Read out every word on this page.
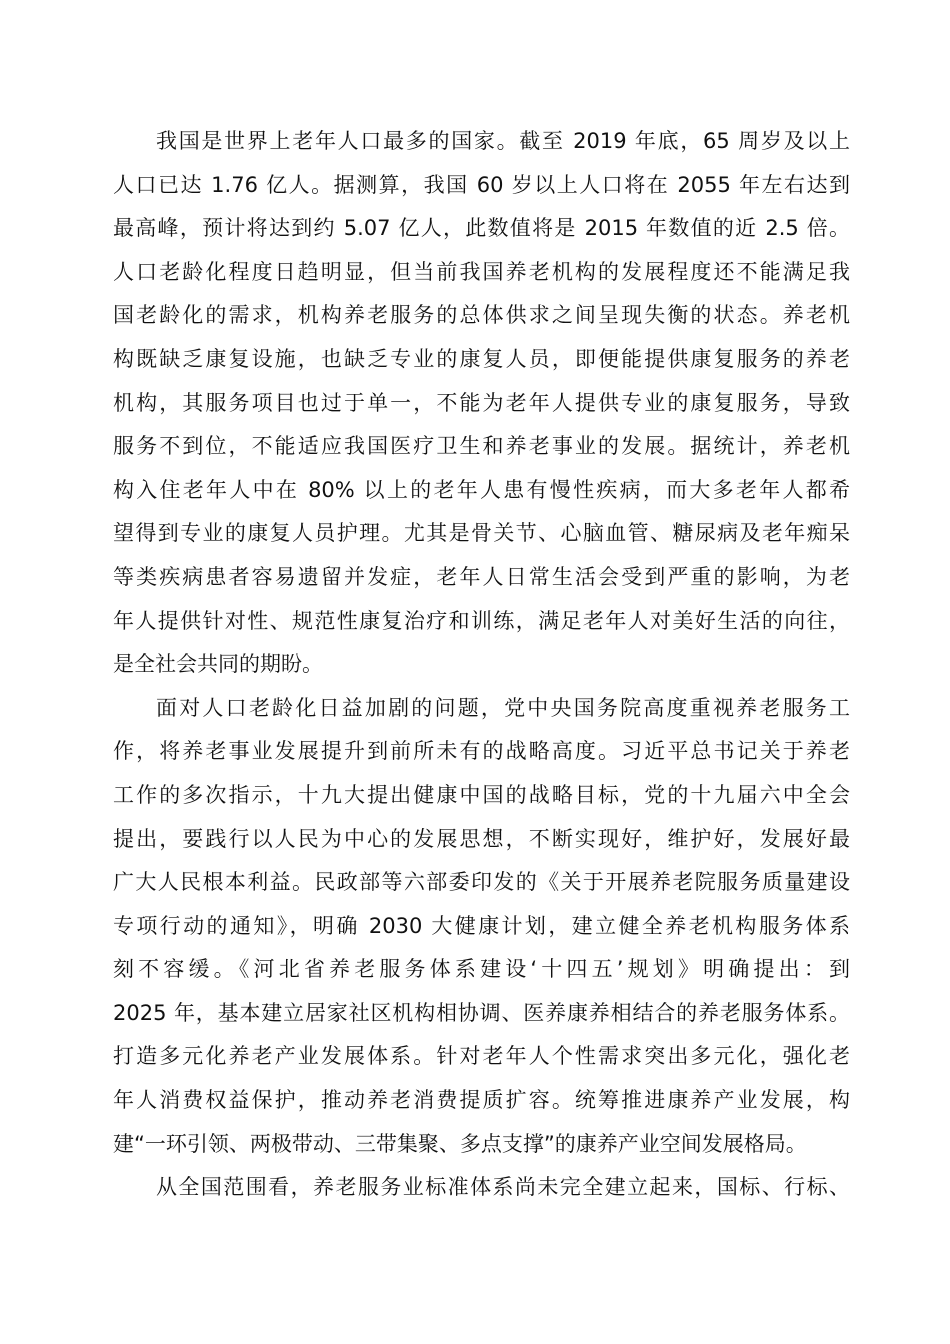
我国是世界上老年人口最多的国家。截至 2019 年底，65 周岁及以上
人口已达 1.76 亿人。据测算，我国 60 岁以上人口将在 2055 年左右达到
最高峰，预计将达到约 5.07 亿人，此数值将是 2015 年数值的近 2.5 倍。
人口老龄化程度日趋明显，但当前我国养老机构的发展程度还不能满足我
国老龄化的需求，机构养老服务的总体供求之间呈现失衡的状态。养老机
构既缺乏康复设施，也缺乏专业的康复人员，即便能提供康复服务的养老
机构，其服务项目也过于单一，不能为老年人提供专业的康复服务，导致
服务不到位，不能适应我国医疗卫生和养老事业的发展。据统计，养老机
构入住老年人中在 80% 以上的老年人患有慢性疾病，而大多老年人都希
望得到专业的康复人员护理。尤其是骨关节、心脑血管、糖尿病及老年痴呆
等类疾病患者容易遗留并发症，老年人日常生活会受到严重的影响，为老
年人提供针对性、规范性康复治疗和训练，满足老年人对美好生活的向往，
是全社会共同的期盼。
面对人口老龄化日益加剧的问题，党中央国务院高度重视养老服务工
作，将养老事业发展提升到前所未有的战略高度。习近平总书记关于养老
工作的多次指示，十九大提出健康中国的战略目标，党的十九届六中全会
提出，要践行以人民为中心的发展思想，不断实现好，维护好，发展好最
广大人民根本利益。民政部等六部委印发的《关于开展养老院服务质量建设
专项行动的通知》，明确 2030 大健康计划，建立健全养老机构服务体系
刻不容缓。《河北省养老服务体系建设‘十四五’规划》明确提出：到
2025 年，基本建立居家社区机构相协调、医养康养相结合的养老服务体系。
打造多元化养老产业发展体系。针对老年人个性需求突出多元化，强化老
年人消费权益保护，推动养老消费提质扩容。统筹推进康养产业发展，构
建“一环引领、两极带动、三带集聚、多点支撑”的康养产业空间发展格局。
从全国范围看，养老服务业标准体系尚未完全建立起来，国标、行标、
